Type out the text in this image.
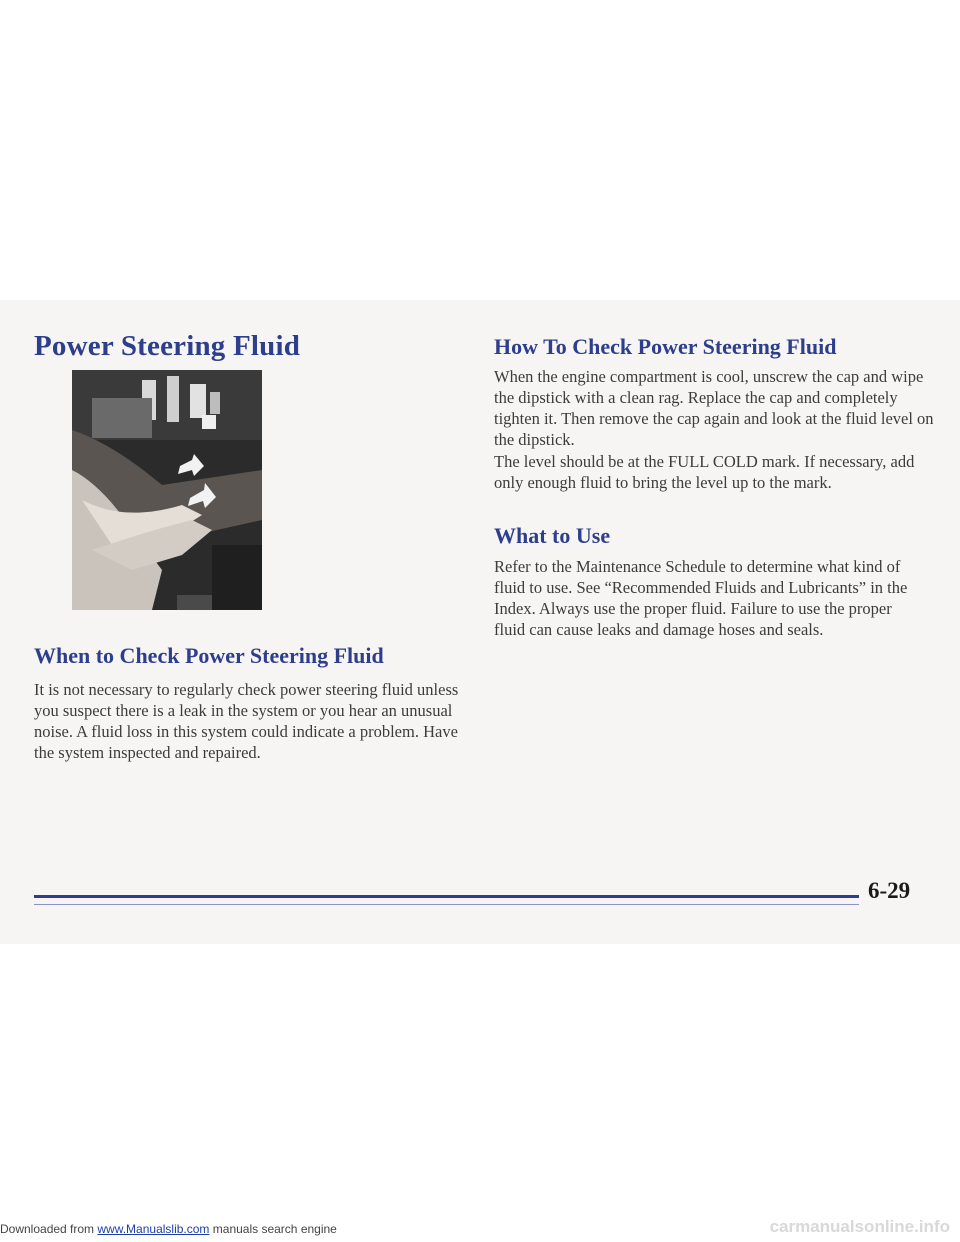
Power Steering Fluid
When to Check Power Steering Fluid

It is not necessary to regularly check power steering fluid unless you suspect there is a leak in the system or you hear an unusual noise. A fluid loss in this system could indicate a problem. Have the system inspected and repaired.

How To Check Power Steering Fluid

When the engine compartment is cool, unscrew the cap and wipe the dipstick with a clean rag. Replace the cap and completely tighten it. Then remove the cap again and look at the fluid level on the dipstick.

The level should be at the FULL COLD mark. If necessary, add only enough fluid to bring the level up to the mark.

What to Use

Refer to the Maintenance Schedule to determine what kind of fluid to use. See “Recommended Fluids and Lubricants” in the Index. Always use the proper fluid. Failure to use the proper fluid can cause leaks and damage hoses and seals.

6-29

Downloaded from www.Manualslib.com manuals search engine	carmanualsonline.info
